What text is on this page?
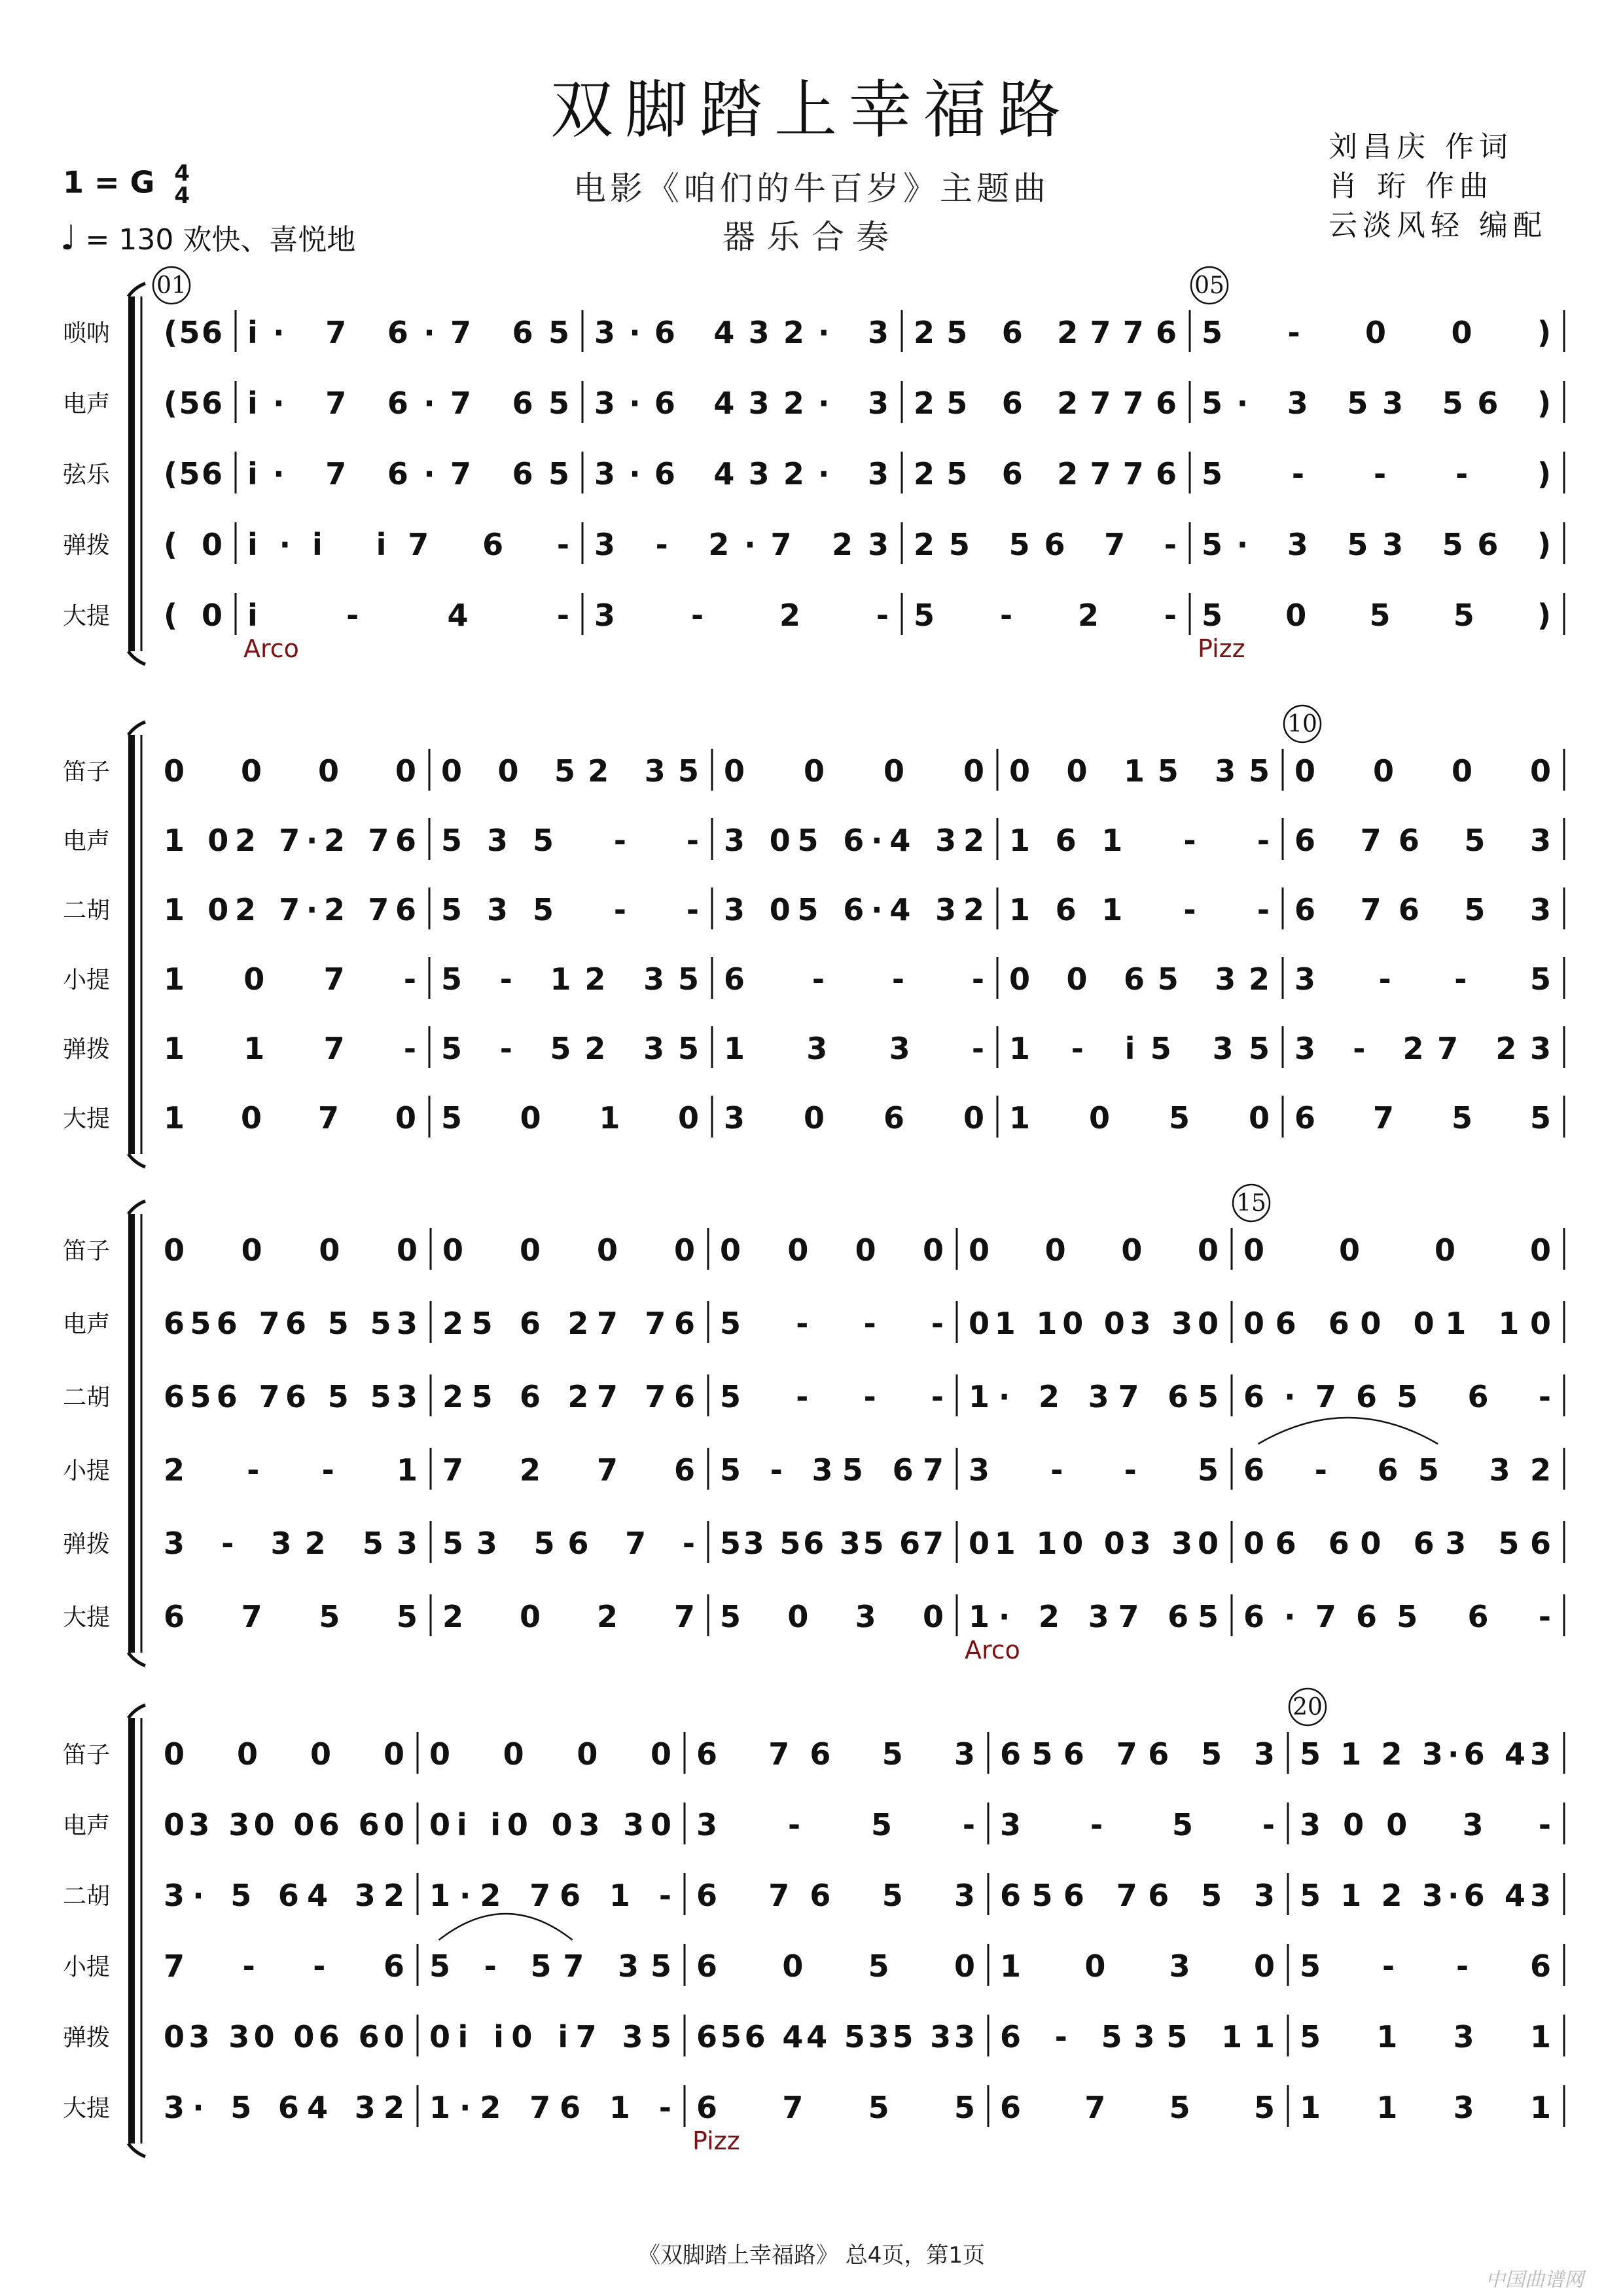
双脚踏上幸福路
电影《咱们的牛百岁》主题曲
器乐合奏
刘昌庆 作词
肖 珩 作曲
云淡风轻 编配
1 = G 4
4
♩ = 130 欢快、喜悦地
唢呐 ( 5 6 i· 7 6·7 65 3·6 432· 3 25 6 2776 5 - 0 0 )
电声 ( 5 6 i· 7 6·7 65 3·6 432· 3 25 6 2776 5· 3 53 56 )
弦乐 ( 5 6 i· 7 6·7 65 3·6 432· 3 25 6 2776 5 - - - )
弹拨 ( 0 i·i i7 6 - 3 - 2·7 23 25 56 7 - 5· 3 53 56 )
大提 ( 0 i - 4 - 3 - 2 - 5 - 2 - 5 0 5 5 )
01	05
Arco	Pizz
笛子 0 0 0 0 0 0 52 35 0 0 0 0 0 0 15 35 0 0 0 0
电声 1 02 7·2 76 535 - - 3 05 6·4 32 161 - - 6 76 5 3
二胡 1 02 7·2 76 535 - - 3 05 6·4 32 161 - - 6 76 5 3
小提 1 0 7 - 5 - 12 35 6 - - - 0 0 65 32 3 - - 5
弹拨 1 1 7 - 5 - 52 35 1 3 3 - 1 - i5 35 3 - 27 23
大提 1 0 7 0 5 0 1 0 3 0 6 0 1 0 5 0 6 7 5 5
10
笛子 0 0 0 0 0 0 0 0 0 0 0 0 0 0 0 0 0 0 0 0
电声 656 76 5 53 25 6 27 76 5 - - - 01 10 03 30 06 60 01 10
二胡 656 76 5 53 25 6 27 76 5 - - - 1· 2 37 65 6·765 6 -
小提 2 - - 1 7 2 7 6 5 - 35 67 3 - - 5 6 - 65 32
弹拨 3 - 32 53 53 56 7 - 53 56 35 67 01 10 03 30 06 60 63 56
大提 6 7 5 5 2 0 2 7 5 0 3 0 1· 2 37 65 6·765 6 -
15
Arco
笛子 0 0 0 0 0 0 0 0 6 76 5 3 656 76 5 3 5 1 2 3·6 43
电声 03 30 06 60 0i i0 03 30 3 - 5 - 3 - 5 - 300 3 -
二胡 3· 5 64 32 1·2 76 1 - 6 76 5 3 656 76 5 3 5 1 2 3·6 43
小提 7 - - 6 5 - 57 35 6 0 5 0 1 0 3 0 5 - - 6
弹拨 03 30 06 60 0i i0 i7 35 656 44 535 33 6 - 535 11 5 1 3 1
大提 3· 5 64 32 1·2 76 1 - 6 7 5 5 6 7 5 5 1 1 3 1
20
Pizz
《双脚踏上幸福路》 总4页，第1页
中国曲谱网
